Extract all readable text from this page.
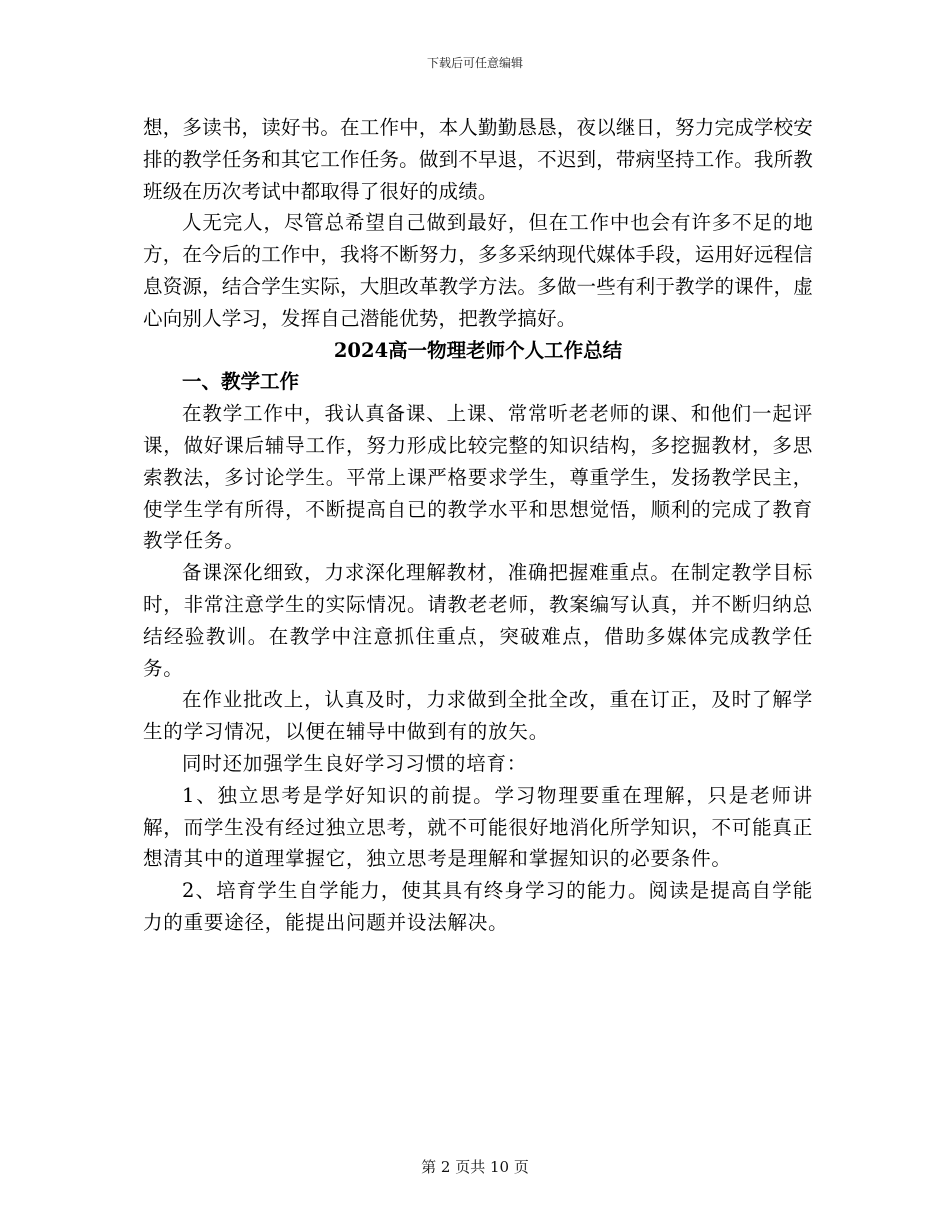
下载后可任意编辑

想，多读书，读好书。在工作中，本人勤勤恳恳，夜以继日，努力完成学校安排的教学任务和其它工作任务。做到不早退，不迟到，带病坚持工作。我所教班级在历次考试中都取得了很好的成绩。

人无完人，尽管总希望自己做到最好，但在工作中也会有许多不足的地方，在今后的工作中，我将不断努力，多多采纳现代媒体手段，运用好远程信息资源，结合学生实际，大胆改革教学方法。多做一些有利于教学的课件，虚心向别人学习，发挥自己潜能优势，把教学搞好。

2024高一物理老师个人工作总结

一、教学工作

在教学工作中，我认真备课、上课、常常听老老师的课、和他们一起评课，做好课后辅导工作，努力形成比较完整的知识结构，多挖掘教材，多思索教法，多讨论学生。平常上课严格要求学生，尊重学生，发扬教学民主，使学生学有所得，不断提高自已的教学水平和思想觉悟，顺利的完成了教育教学任务。

备课深化细致，力求深化理解教材，准确把握难重点。在制定教学目标时，非常注意学生的实际情况。请教老老师，教案编写认真，并不断归纳总结经验教训。在教学中注意抓住重点，突破难点，借助多媒体完成教学任务。

在作业批改上，认真及时，力求做到全批全改，重在订正，及时了解学生的学习情况，以便在辅导中做到有的放矢。

同时还加强学生良好学习习惯的培育：

1、独立思考是学好知识的前提。学习物理要重在理解，只是老师讲解，而学生没有经过独立思考，就不可能很好地消化所学知识，不可能真正想清其中的道理掌握它，独立思考是理解和掌握知识的必要条件。

2、培育学生自学能力，使其具有终身学习的能力。阅读是提高自学能力的重要途径，能提出问题并设法解决。

第 2 页共 10 页
